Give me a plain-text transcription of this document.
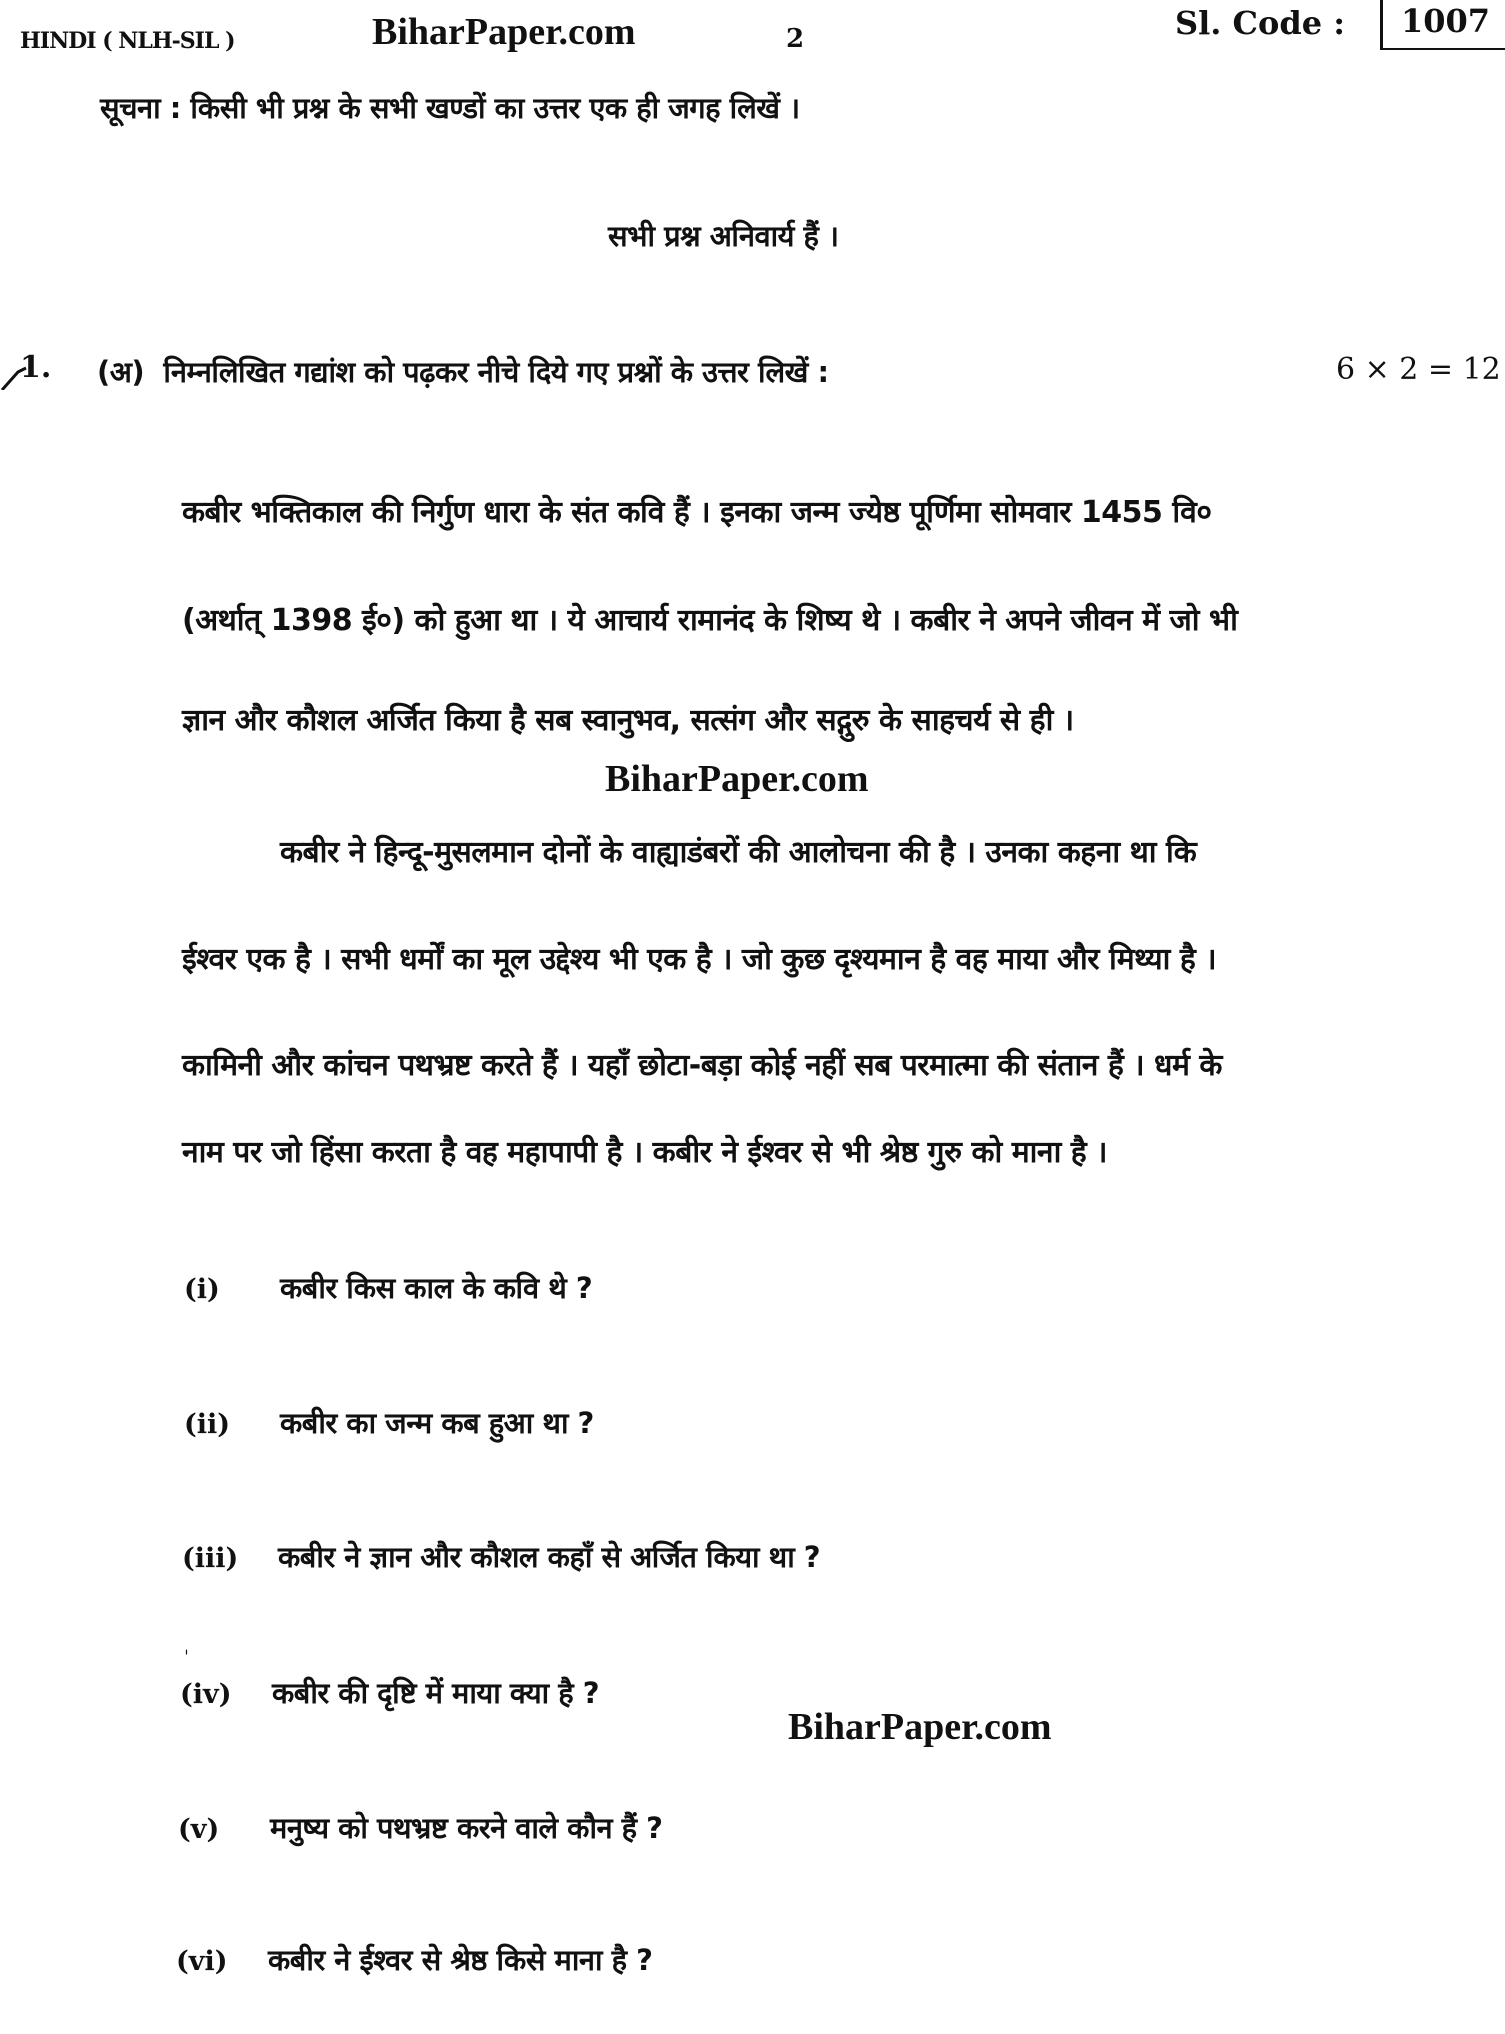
HINDI ( NLH-SIL )	BiharPaper.com	2	Sl. Code : 1007
सूचना : किसी भी प्रश्न के सभी खण्डों का उत्तर एक ही जगह लिखें ।
सभी प्रश्न अनिवार्य हैं ।
1. (अ) निम्नलिखित गद्यांश को पढ़कर नीचे दिये गए प्रश्नों के उत्तर लिखें :	6 × 2 = 12
कबीर भक्तिकाल की निर्गुण धारा के संत कवि हैं । इनका जन्म ज्येष्ठ पूर्णिमा सोमवार 1455 वि०
(अर्थात् 1398 ई०) को हुआ था । ये आचार्य रामानंद के शिष्य थे । कबीर ने अपने जीवन में जो भी
ज्ञान और कौशल अर्जित किया है सब स्वानुभव, सत्संग और सद्गुरु के साहचर्य से ही ।
BiharPaper.com
कबीर ने हिन्दू-मुसलमान दोनों के वाह्याडंबरों की आलोचना की है । उनका कहना था कि
ईश्वर एक है । सभी धर्मों का मूल उद्देश्य भी एक है । जो कुछ दृश्यमान है वह माया और मिथ्या है ।
कामिनी और कांचन पथभ्रष्ट करते हैं । यहाँ छोटा-बड़ा कोई नहीं सब परमात्मा की संतान हैं । धर्म के
नाम पर जो हिंसा करता है वह महापापी है । कबीर ने ईश्वर से भी श्रेष्ठ गुरु को माना है ।
(i) कबीर किस काल के कवि थे ?
(ii) कबीर का जन्म कब हुआ था ?
(iii) कबीर ने ज्ञान और कौशल कहाँ से अर्जित किया था ?
ˌ
(iv) कबीर की दृष्टि में माया क्या है ?
BiharPaper.com
(v) मनुष्य को पथभ्रष्ट करने वाले कौन हैं ?
(vi) कबीर ने ईश्वर से श्रेष्ठ किसे माना है ?
